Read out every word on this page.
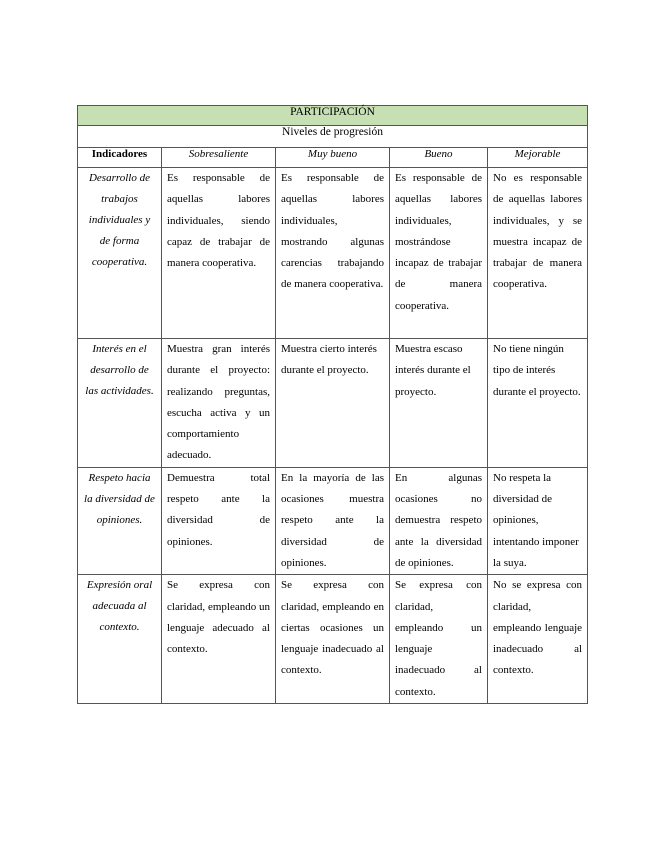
PARTICIPACIÓN				
Niveles de progresión				
Indicadores	Sobresaliente	Muy bueno	Bueno	Mejorable
Desarrollo de trabajos individuales y de forma cooperativa.	Es responsable de aquellas labores individuales, siendo capaz de trabajar de manera cooperativa.	Es responsable de aquellas labores individuales, mostrando algunas carencias trabajando de manera cooperativa.	Es responsable de aquellas labores individuales, mostrándose incapaz de trabajar de manera cooperativa.	No es responsable de aquellas labores individuales, y se muestra incapaz de trabajar de manera cooperativa.
Interés en el desarrollo de las actividades.	Muestra gran interés durante el proyecto: realizando preguntas, escucha activa y un comportamiento adecuado.	Muestra cierto interés durante el proyecto.	Muestra escaso interés durante el proyecto.	No tiene ningún tipo de interés durante el proyecto.
Respeto hacia la diversidad de opiniones.	Demuestra total respeto ante la diversidad de opiniones.	En la mayoría de las ocasiones muestra respeto ante la diversidad de opiniones.	En algunas ocasiones no demuestra respeto ante la diversidad de opiniones.	No respeta la diversidad de opiniones, intentando imponer la suya.
Expresión oral adecuada al contexto.	Se expresa con claridad, empleando un lenguaje adecuado al contexto.	Se expresa con claridad, empleando en ciertas ocasiones un lenguaje inadecuado al contexto.	Se expresa con claridad, empleando un lenguaje inadecuado al contexto.	No se expresa con claridad, empleando lenguaje inadecuado al contexto.
